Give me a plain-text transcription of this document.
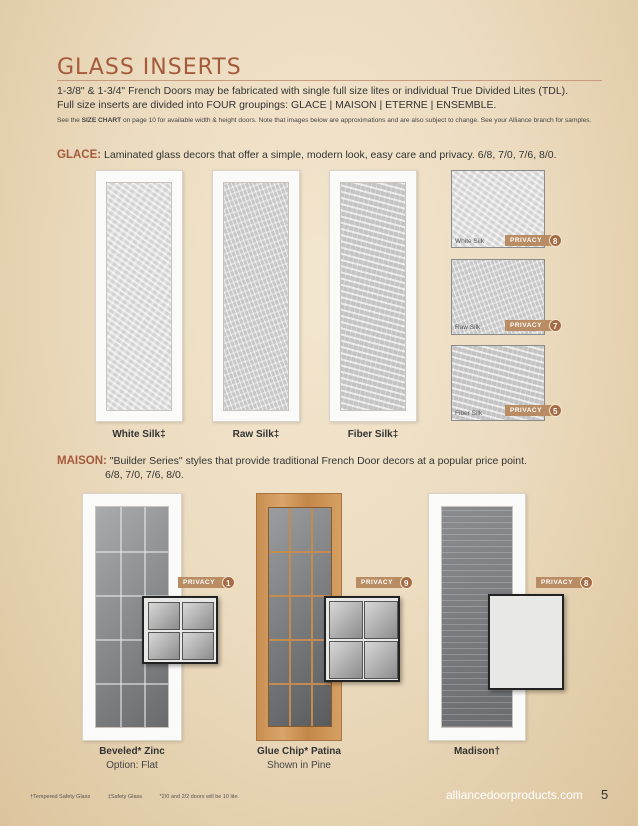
GLASS INSERTS
1-3/8" & 1-3/4" French Doors may be fabricated with single full size lites or individual True Divided Lites (TDL).
Full size inserts are divided into FOUR groupings: GLACE | MAISON | ETERNE | ENSEMBLE.
See the SIZE CHART on page 10 for available width & height doors. Note that images below are approximations and are also subject to change. See your Alliance branch for samples.
GLACE: Laminated glass decors that offer a simple, modern look, easy care and privacy. 6/8, 7/0, 7/6, 8/0.
White Silk‡	Raw Silk‡	Fiber Silk‡
White Silk	PRIVACY	8
Raw Silk	PRIVACY	7
Fiber Silk	PRIVACY	5
MAISON: "Builder Series" styles that provide traditional French Door decors at a popular price point.
6/8, 7/0, 7/6, 8/0.
PRIVACY	1	PRIVACY	9	PRIVACY	8
Beveled* Zinc
Option: Flat
Glue Chip* Patina
Shown in Pine
Madison†
†Tempered Safety Glass	‡Safety Glass	*2/0 and 2/2 doors will be 10 lite.	alliancedoorproducts.com 5
